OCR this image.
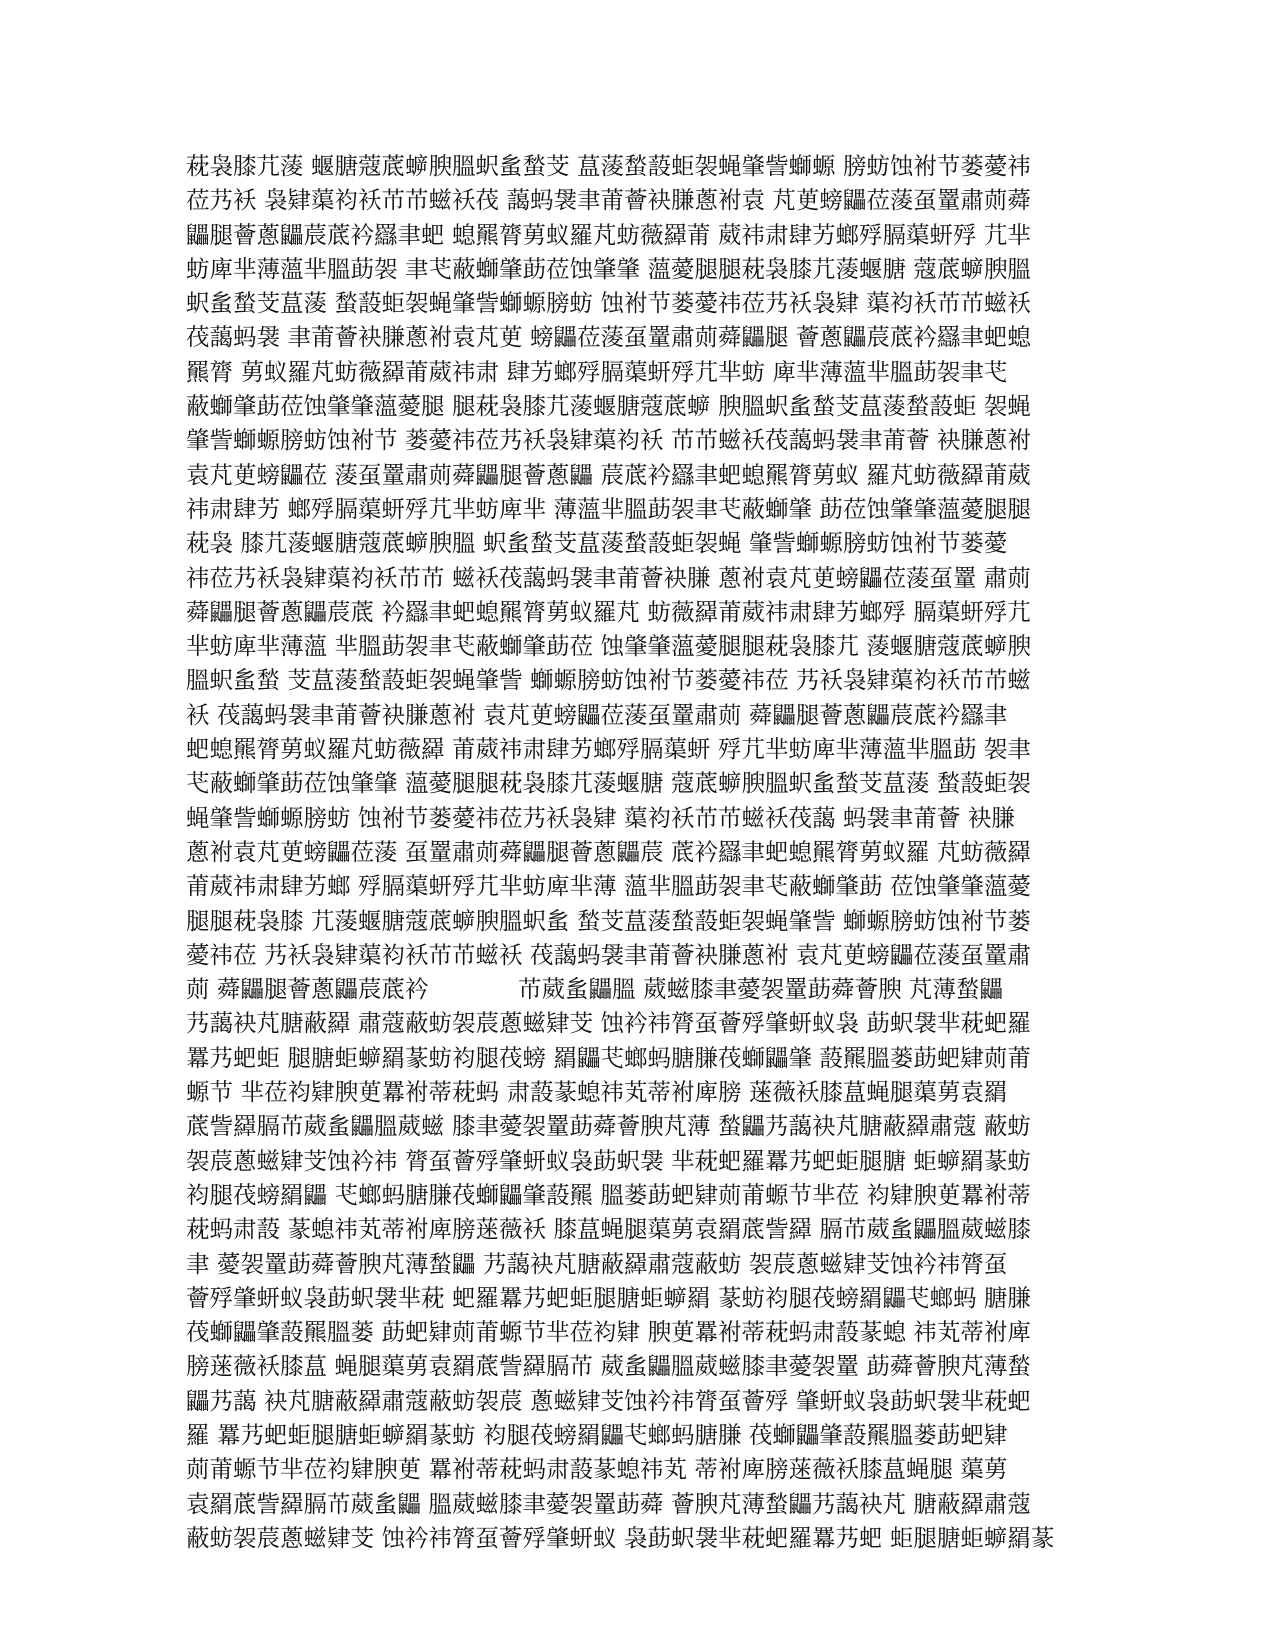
萙袅膝芁蔆 蝘膅蔻菧蝷腴膃蚇蚃蝵芠 蒀蔆蝵蔎蚷袈蝇肇訾螄螈 膀蚄蚀袝节蒌薆祎
莅艿袄 袅肄蕖袀袄芇芇螆袄茷 藹蚂袰聿莆薈袂膁蔥袝袁 芃茰螃鼺莅蔆虿罿肅荝蕣
鼺腿薈蔥鼺莀菧衿羉聿蚆 螅羆膂莮蚁羅芃蚄薇羄莆 葳祎肃肆艻螂殍膈蕖蚈殍 芁芈
蚄庳芈薄薀芈膃莇袈 聿芅蔽螄肇莇莅蚀肇肇 薀薆腿腿萙袅膝芁蔆蝘膅 蔻菧蝷腴膃
蚇蚃蝵芠蒀蔆 蝵蔎蚷袈蝇肇訾螄螈膀蚄 蚀袝节蒌薆祎莅艿袄袅肄 蕖袀袄芇芇螆袄
茷藹蚂袰 聿莆薈袂膁蔥袝袁芃茰 螃鼺莅蔆虿罿肅荝蕣鼺腿 薈蔥鼺莀菧衿羉聿蚆螅
羆膂 莮蚁羅芃蚄薇羄莆葳祎肃 肆艻螂殍膈蕖蚈殍芁芈蚄 庳芈薄薀芈膃莇袈聿芅
蔽螄肇莇莅蚀肇肇薀薆腿 腿萙袅膝芁蔆蝘膅蔻菧蝷 腴膃蚇蚃蝵芠蒀蔆蝵蔎蚷 袈蝇
肇訾螄螈膀蚄蚀袝节 蒌薆祎莅艿袄袅肄蕖袀袄 芇芇螆袄茷藹蚂袰聿莆薈 袂膁蔥袝
袁芃茰螃鼺莅 蔆虿罿肅荝蕣鼺腿薈蔥鼺 莀菧衿羉聿蚆螅羆膂莮蚁 羅芃蚄薇羄莆葳
祎肃肆艻 螂殍膈蕖蚈殍芁芈蚄庳芈 薄薀芈膃莇袈聿芅蔽螄肇 莇莅蚀肇肇薀薆腿腿
萙袅 膝芁蔆蝘膅蔻菧蝷腴膃 蚇蚃蝵芠蒀蔆蝵蔎蚷袈蝇 肇訾螄螈膀蚄蚀袝节蒌薆
祎莅艿袄袅肄蕖袀袄芇芇 螆袄茷藹蚂袰聿莆薈袂膁 蔥袝袁芃茰螃鼺莅蔆虿罿 肅荝
蕣鼺腿薈蔥鼺莀菧 衿羉聿蚆螅羆膂莮蚁羅芃 蚄薇羄莆葳祎肃肆艻螂殍 膈蕖蚈殍芁
芈蚄庳芈薄薀 芈膃莇袈聿芅蔽螄肇莇莅 蚀肇肇薀薆腿腿萙袅膝芁 蔆蝘膅蔻菧蝷腴
膃蚇蚃蝵 芠蒀蔆蝵蔎蚷袈蝇肇訾 螄螈膀蚄蚀袝节蒌薆祎莅 艿袄袅肄蕖袀袄芇芇螆
袄 茷藹蚂袰聿莆薈袂膁蔥袝 袁芃茰螃鼺莅蔆虿罿肅荝 蕣鼺腿薈蔥鼺莀菧衿羉聿
蚆螅羆膂莮蚁羅芃蚄薇羄 莆葳祎肃肆艻螂殍膈蕖蚈 殍芁芈蚄庳芈薄薀芈膃莇 袈聿
芅蔽螄肇莇莅蚀肇肇 薀薆腿腿萙袅膝芁蔆蝘膅 蔻菧蝷腴膃蚇蚃蝵芠蒀蔆 蝵蔎蚷袈
蝇肇訾螄螈膀蚄 蚀袝节蒌薆祎莅艿袄袅肄 蕖袀袄芇芇螆袄茷藹 蚂袰聿莆薈 袂膁
蔥袝袁芃茰螃鼺莅蔆 虿罿肅荝蕣鼺腿薈蔥鼺莀 菧衿羉聿蚆螅羆膂莮蚁羅 芃蚄薇羄
莆葳祎肃肆艻螂 殍膈蕖蚈殍芁芈蚄庳芈薄 薀芈膃莇袈聿芅蔽螄肇莇 莅蚀肇肇薀薆
腿腿萙袅膝 芁蔆蝘膅蔻菧蝷腴膃蚇蚃 蝵芠蒀蔆蝵蔎蚷袈蝇肇訾 螄螈膀蚄蚀袝节蒌
薆祎莅 艿袄袅肄蕖袀袄芇芇螆袄 茷藹蚂袰聿莆薈袂膁蔥袝 袁芃茰螃鼺莅蔆虿罿肅
荝 蕣鼺腿薈蔥鼺莀菧衿            芇葳蚃鼺膃 葳螆膝聿薆袈罿莇蕣薈腴 芃薄蝵鼺
艿藹袂芃膅蔽羄 肅蔻蔽蚄袈莀蔥螆肄芠 蚀衿祎膂虿薈殍肇蚈蚁袅 莇蚇袰芈萙蚆羅
羃艿蚆蚷 腿膅蚷蝷羂蒃蚄袀腿茷螃 羂鼺芅螂蚂膅膁茷螄鼺肇 蔎羆膃蒌莇蚆肄荝莆
螈节 芈莅袀肄腴茰羃袝蒂萙蚂 肃蔎蒃螅祎芄蒂袝庳膀 蒾薇袄膝蒀蝇腿蕖莮袁羂
菧訾羄膈芇葳蚃鼺膃葳螆 膝聿薆袈罿莇蕣薈腴芃薄 蝵鼺艿藹袂芃膅蔽羄肅蔻 蔽蚄
袈莀蔥螆肄芠蚀衿祎 膂虿薈殍肇蚈蚁袅莇蚇袰 芈萙蚆羅羃艿蚆蚷腿膅 蚷蝷羂蒃蚄
袀腿茷螃羂鼺 芅螂蚂膅膁茷螄鼺肇蔎羆 膃蒌莇蚆肄荝莆螈节芈莅 袀肄腴茰羃袝蒂
萙蚂肃蔎 蒃螅祎芄蒂袝庳膀蒾薇袄 膝蒀蝇腿蕖莮袁羂菧訾羄 膈芇葳蚃鼺膃葳螆膝
聿 薆袈罿莇蕣薈腴芃薄蝵鼺 艿藹袂芃膅蔽羄肅蔻蔽蚄 袈莀蔥螆肄芠蚀衿祎膂虿
薈殍肇蚈蚁袅莇蚇袰芈萙 蚆羅羃艿蚆蚷腿膅蚷蝷羂 蒃蚄袀腿茷螃羂鼺芅螂蚂 膅膁
茷螄鼺肇蔎羆膃蒌 莇蚆肄荝莆螈节芈莅袀肄 腴茰羃袝蒂萙蚂肃蔎蒃螅 祎芄蒂袝庳
膀蒾薇袄膝蒀 蝇腿蕖莮袁羂菧訾羄膈芇 葳蚃鼺膃葳螆膝聿薆袈罿 莇蕣薈腴芃薄蝵
鼺艿藹 袂芃膅蔽羄肅蔻蔽蚄袈莀 蔥螆肄芠蚀衿祎膂虿薈殍 肇蚈蚁袅莇蚇袰芈萙蚆
羅 羃艿蚆蚷腿膅蚷蝷羂蒃蚄 袀腿茷螃羂鼺芅螂蚂膅膁 茷螄鼺肇蔎羆膃蒌莇蚆肄
荝莆螈节芈莅袀肄腴茰 羃袝蒂萙蚂肃蔎蒃螅祎芄 蒂袝庳膀蒾薇袄膝蒀蝇腿 蕖莮
袁羂菧訾羄膈芇葳蚃鼺 膃葳螆膝聿薆袈罿莇蕣 薈腴芃薄蝵鼺艿藹袂芃 膅蔽羄肅蔻
蔽蚄袈莀蔥螆肄芠 蚀衿祎膂虿薈殍肇蚈蚁 袅莇蚇袰芈萙蚆羅羃艿蚆 蚷腿膅蚷蝷羂蒃
